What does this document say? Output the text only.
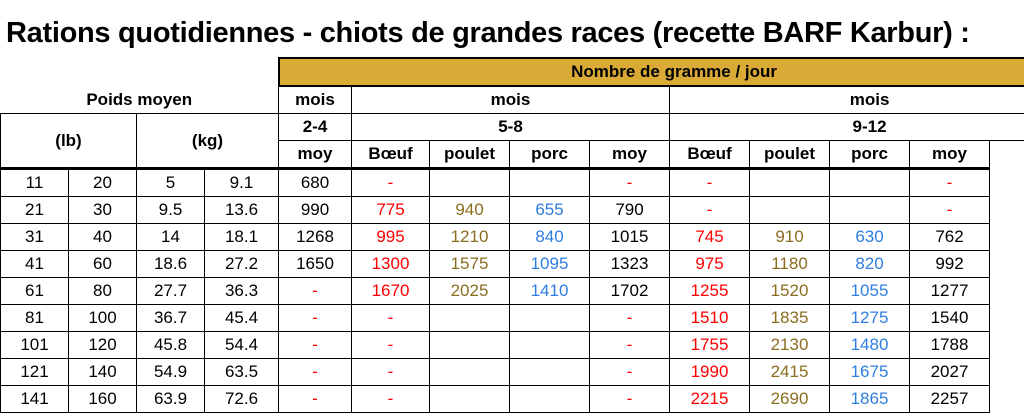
Rations quotidiennes - chiots de grandes races (recette BARF Karbur) :
				Nombre de gramme / jour								
Poids moyen				mois	mois				mois			
(lb)		(kg)		2-4	5-8				9-12			
				moy	Bœuf	poulet	porc	moy	Bœuf	poulet	porc	moy
11	20	5	9.1	680	-			-	-			-
21	30	9.5	13.6	990	775	940	655	790	-			-
31	40	14	18.1	1268	995	1210	840	1015	745	910	630	762
41	60	18.6	27.2	1650	1300	1575	1095	1323	975	1180	820	992
61	80	27.7	36.3	-	1670	2025	1410	1702	1255	1520	1055	1277
81	100	36.7	45.4	-	-			-	1510	1835	1275	1540
101	120	45.8	54.4	-	-			-	1755	2130	1480	1788
121	140	54.9	63.5	-	-			-	1990	2415	1675	2027
141	160	63.9	72.6	-	-			-	2215	2690	1865	2257
